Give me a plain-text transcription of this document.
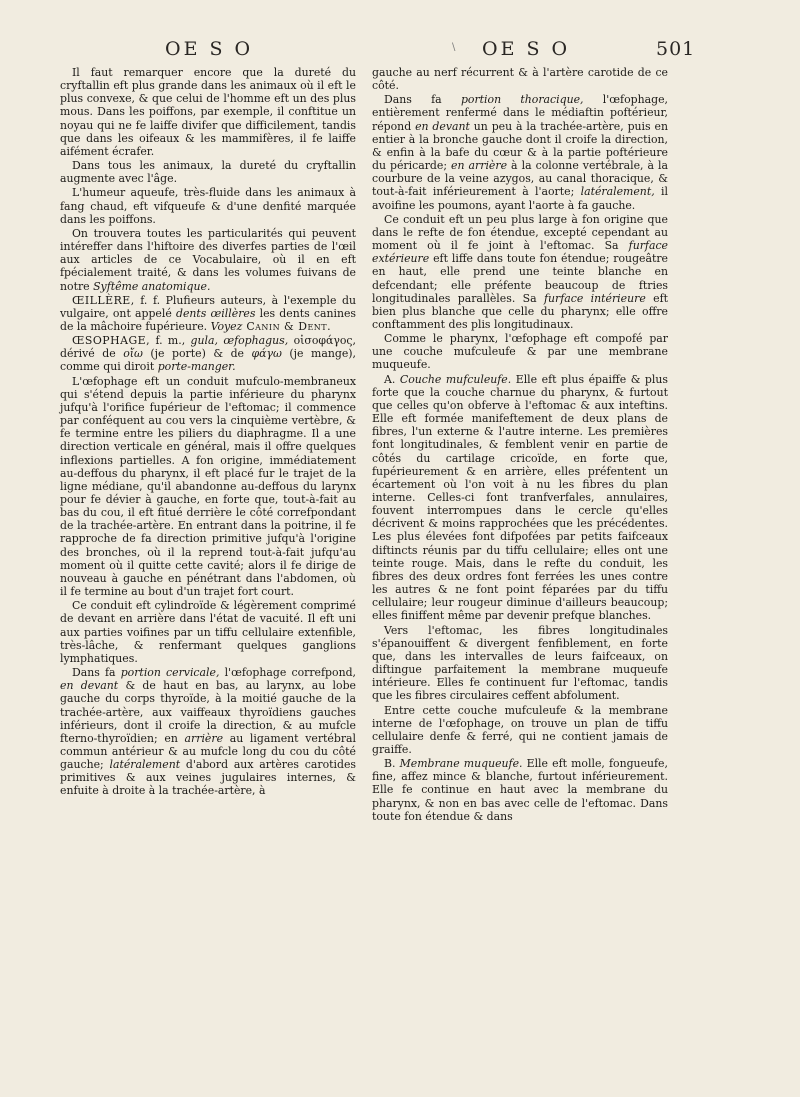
OE S O	\ OE S O	501

Il faut remarquer encore que la dureté du cryftallin eft plus grande dans les animaux où il eft le plus convexe, & que celui de l'homme eft un des plus mous. Dans les poiffons, par exemple, il conftitue un noyau qui ne fe laiffe divifer que difficilement, tandis que dans les oifeaux & les mammifères, il fe laiffe aifément écrafer.

Dans tous les animaux, la dureté du cryftallin augmente avec l'âge.

L'humeur aqueufe, très-fluide dans les animaux à fang chaud, eft vifqueufe & d'une denfité marquée dans les poiffons.

On trouvera toutes les particularités qui peuvent intéreffer dans l'hiftoire des diverfes parties de l'œil aux articles de ce Vocabulaire, où il en eft fpécialement traité, & dans les volumes fuivans de notre Syftême anatomique.

ŒILLÈRE, f. f. Plufieurs auteurs, à l'exemple du vulgaire, ont appelé dents œillères les dents canines de la mâchoire fupérieure. Voyez Canin & Dent.

ŒSOPHAGE, f. m., gula, œfophagus, οἰσοφάγος, dérivé de οἴω (je porte) & de φάγω (je mange), comme qui diroit porte-manger.

L'œfophage eft un conduit mufculo-membraneux qui s'étend depuis la partie inférieure du pharynx jufqu'à l'orifice fupérieur de l'eftomac; il commence par conféquent au cou vers la cinquième vertèbre, & fe termine entre les piliers du diaphragme. Il a une direction verticale en général, mais il offre quelques inflexions partielles. A fon origine, immédiatement au-deffous du pharynx, il eft placé fur le trajet de la ligne médiane, qu'il abandonne au-deffous du larynx pour fe dévier à gauche, en forte que, tout-à-fait au bas du cou, il eft fitué derrière le côté correfpondant de la trachée-artère. En entrant dans la poitrine, il fe rapproche de fa direction primitive jufqu'à l'origine des bronches, où il la reprend tout-à-fait jufqu'au moment où il quitte cette cavité; alors il fe dirige de nouveau à gauche en pénétrant dans l'abdomen, où il fe termine au bout d'un trajet fort court.

Ce conduit eft cylindroïde & légèrement comprimé de devant en arrière dans l'état de vacuité. Il eft uni aux parties voifines par un tiffu cellulaire extenfible, très-lâche, & renfermant quelques ganglions lymphatiques.

Dans fa portion cervicale, l'œfophage correfpond, en devant & de haut en bas, au larynx, au lobe gauche du corps thyroïde, à la moitié gauche de la trachée-artère, aux vaiffeaux thyroïdiens gauches inférieurs, dont il croife la direction, & au mufcle fterno-thyroïdien; en arrière au ligament vertébral commun antérieur & au mufcle long du cou du côté gauche; latéralement d'abord aux artères carotides primitives & aux veines jugulaires internes, & enfuite à droite à la trachée-artère, à

gauche au nerf récurrent & à l'artère carotide de ce côté.

Dans fa portion thoracique, l'œfophage, entièrement renfermé dans le médiaftin poftérieur, répond en devant un peu à la trachée-artère, puis en entier à la bronche gauche dont il croife la direction, & enfin à la bafe du cœur & à la partie poftérieure du péricarde; en arrière à la colonne vertébrale, à la courbure de la veine azygos, au canal thoracique, & tout-à-fait inférieurement à l'aorte; latéralement, il avoifine les poumons, ayant l'aorte à fa gauche.

Ce conduit eft un peu plus large à fon origine que dans le refte de fon étendue, excepté cependant au moment où il fe joint à l'eftomac. Sa furface extérieure eft liffe dans toute fon étendue; rougeâtre en haut, elle prend une teinte blanche en defcendant; elle préfente beaucoup de ftries longitudinales parallèles. Sa furface intérieure eft bien plus blanche que celle du pharynx; elle offre conftamment des plis longitudinaux.

Comme le pharynx, l'œfophage eft compofé par une couche mufculeufe & par une membrane muqueufe.

A. Couche mufculeufe. Elle eft plus épaiffe & plus forte que la couche charnue du pharynx, & furtout que celles qu'on obferve à l'eftomac & aux inteftins. Elle eft formée manifeftement de deux plans de fibres, l'un externe & l'autre interne. Les premières font longitudinales, & femblent venir en partie de côtés du cartilage cricoïde, en forte que, fupérieurement & en arrière, elles préfentent un écartement où l'on voit à nu les fibres du plan interne. Celles-ci font tranfverfales, annulaires, fouvent interrompues dans le cercle qu'elles décrivent & moins rapprochées que les précédentes. Les plus élevées font difpofées par petits faifceaux diftincts réunis par du tiffu cellulaire; elles ont une teinte rouge. Mais, dans le refte du conduit, les fibres des deux ordres font ferrées les unes contre les autres & ne font point féparées par du tiffu cellulaire; leur rougeur diminue d'ailleurs beaucoup; elles finiffent même par devenir prefque blanches.

Vers l'eftomac, les fibres longitudinales s'épanouiffent & divergent fenfiblement, en forte que, dans les intervalles de leurs faifceaux, on diftingue parfaitement la membrane muqueufe intérieure. Elles fe continuent fur l'eftomac, tandis que les fibres circulaires ceffent abfolument.

Entre cette couche mufculeufe & la membrane interne de l'œfophage, on trouve un plan de tiffu cellulaire denfe & ferré, qui ne contient jamais de graiffe.

B. Membrane muqueufe. Elle eft molle, fongueufe, fine, affez mince & blanche, furtout inférieurement. Elle fe continue en haut avec la membrane du pharynx, & non en bas avec celle de l'eftomac. Dans toute fon étendue & dans
